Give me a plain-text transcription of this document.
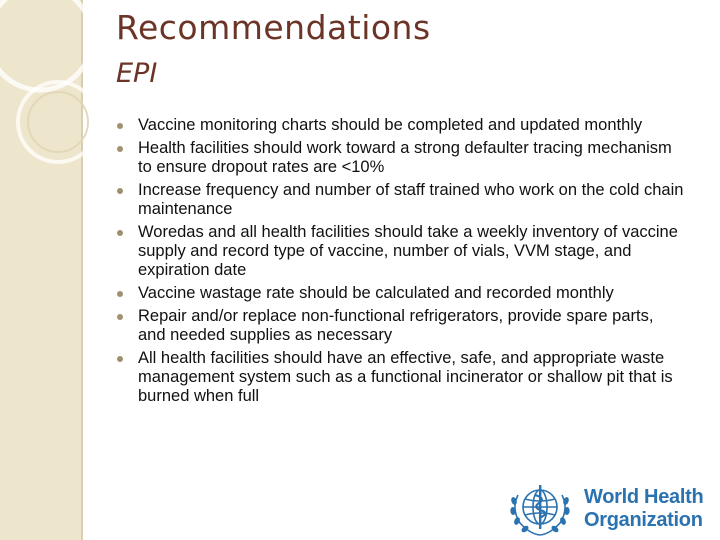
Recommendations
EPI
Vaccine monitoring charts should be completed and updated monthly
Health facilities should work toward a strong defaulter tracing mechanism to ensure dropout rates are <10%
Increase frequency and number of staff trained who work on the cold chain maintenance
Woredas and all health facilities should take a weekly inventory of vaccine supply and record type of vaccine, number of vials, VVM stage, and expiration date
Vaccine wastage rate should be calculated and recorded monthly
Repair and/or replace non-functional refrigerators, provide spare parts, and needed supplies as necessary
All health facilities should have an effective, safe, and appropriate waste management system such as a functional incinerator or shallow pit that is burned when full
World Health
Organization
